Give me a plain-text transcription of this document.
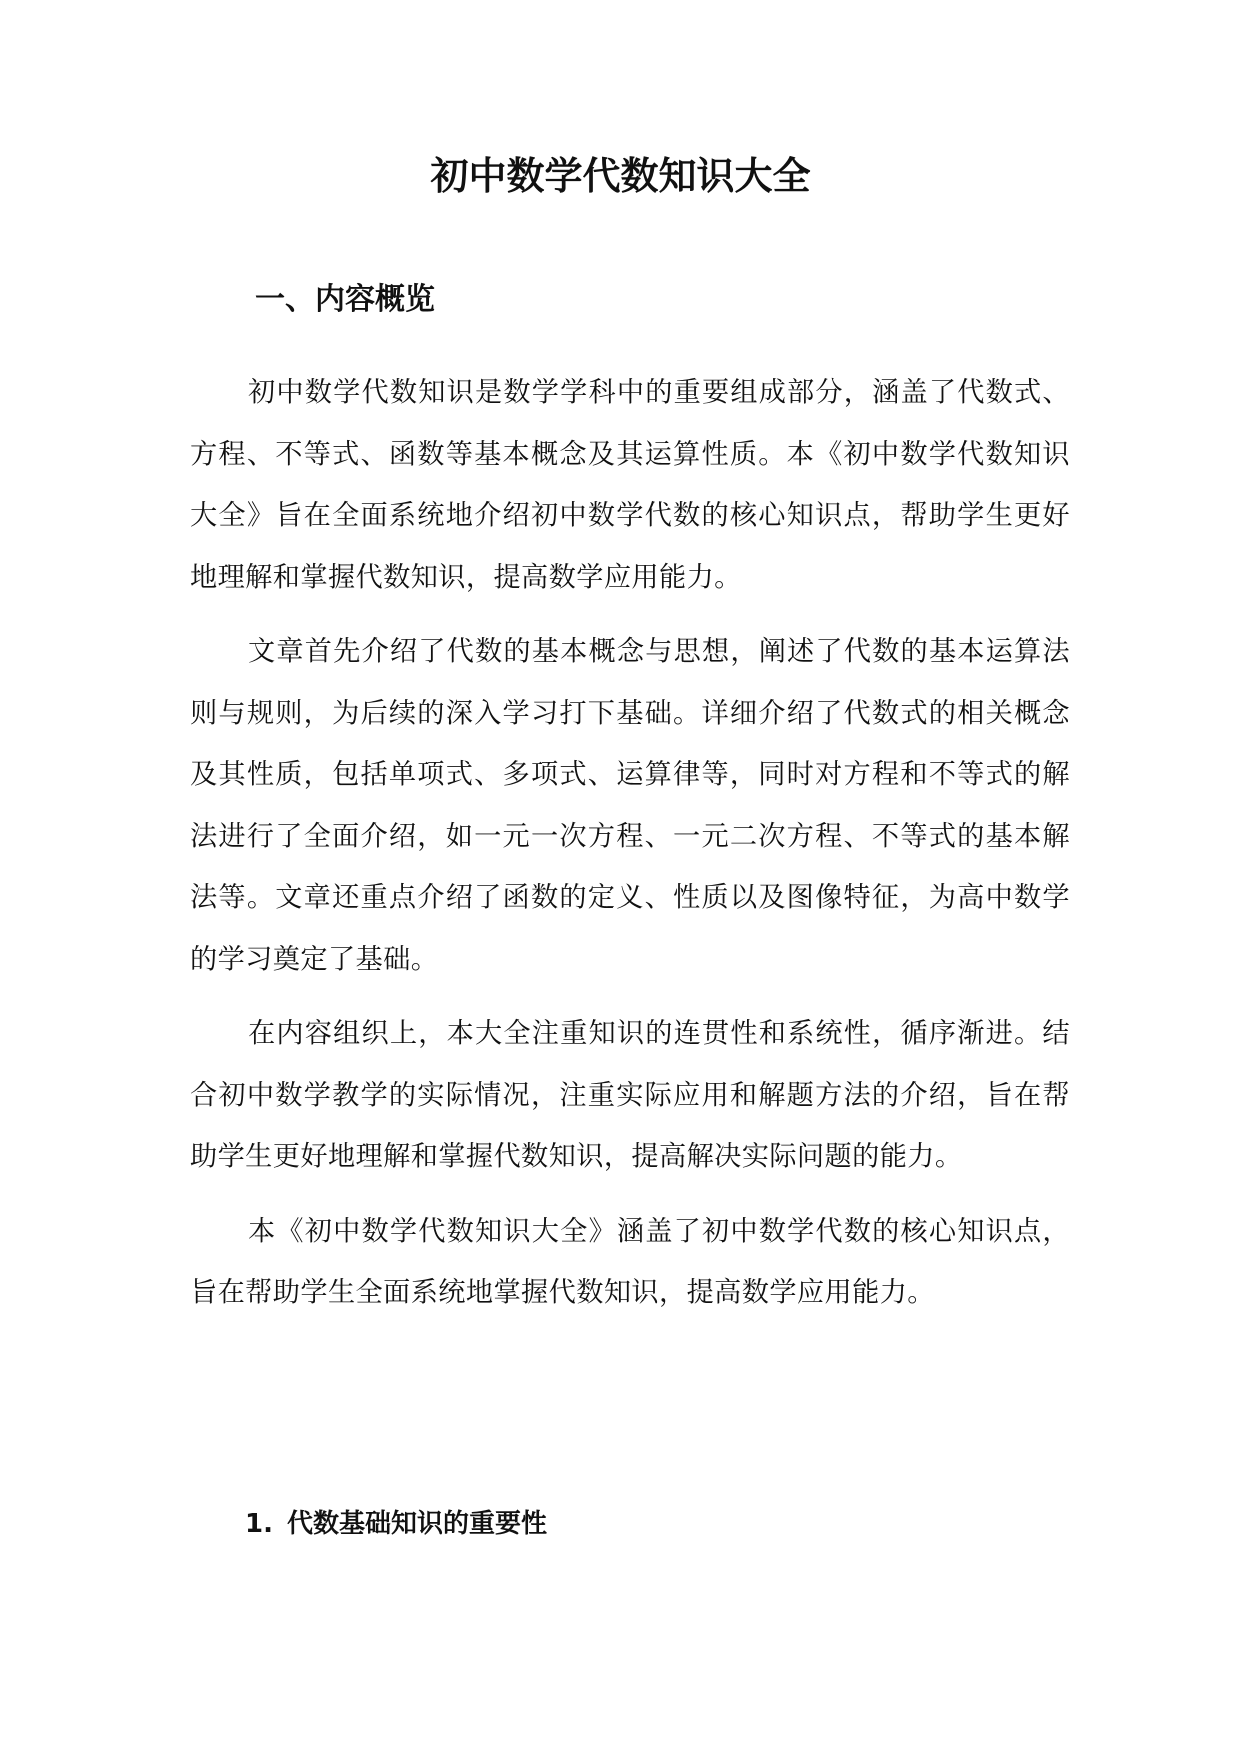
初中数学代数知识大全
一、内容概览

初中数学代数知识是数学学科中的重要组成部分，涵盖了代数式、方程、不等式、函数等基本概念及其运算性质。本《初中数学代数知识大全》旨在全面系统地介绍初中数学代数的核心知识点，帮助学生更好地理解和掌握代数知识，提高数学应用能力。

文章首先介绍了代数的基本概念与思想，阐述了代数的基本运算法则与规则，为后续的深入学习打下基础。详细介绍了代数式的相关概念及其性质，包括单项式、多项式、运算律等，同时对方程和不等式的解法进行了全面介绍，如一元一次方程、一元二次方程、不等式的基本解法等。文章还重点介绍了函数的定义、性质以及图像特征，为高中数学的学习奠定了基础。

在内容组织上，本大全注重知识的连贯性和系统性，循序渐进。结合初中数学教学的实际情况，注重实际应用和解题方法的介绍，旨在帮助学生更好地理解和掌握代数知识，提高解决实际问题的能力。

本《初中数学代数知识大全》涵盖了初中数学代数的核心知识点，旨在帮助学生全面系统地掌握代数知识，提高数学应用能力。

1. 代数基础知识的重要性
